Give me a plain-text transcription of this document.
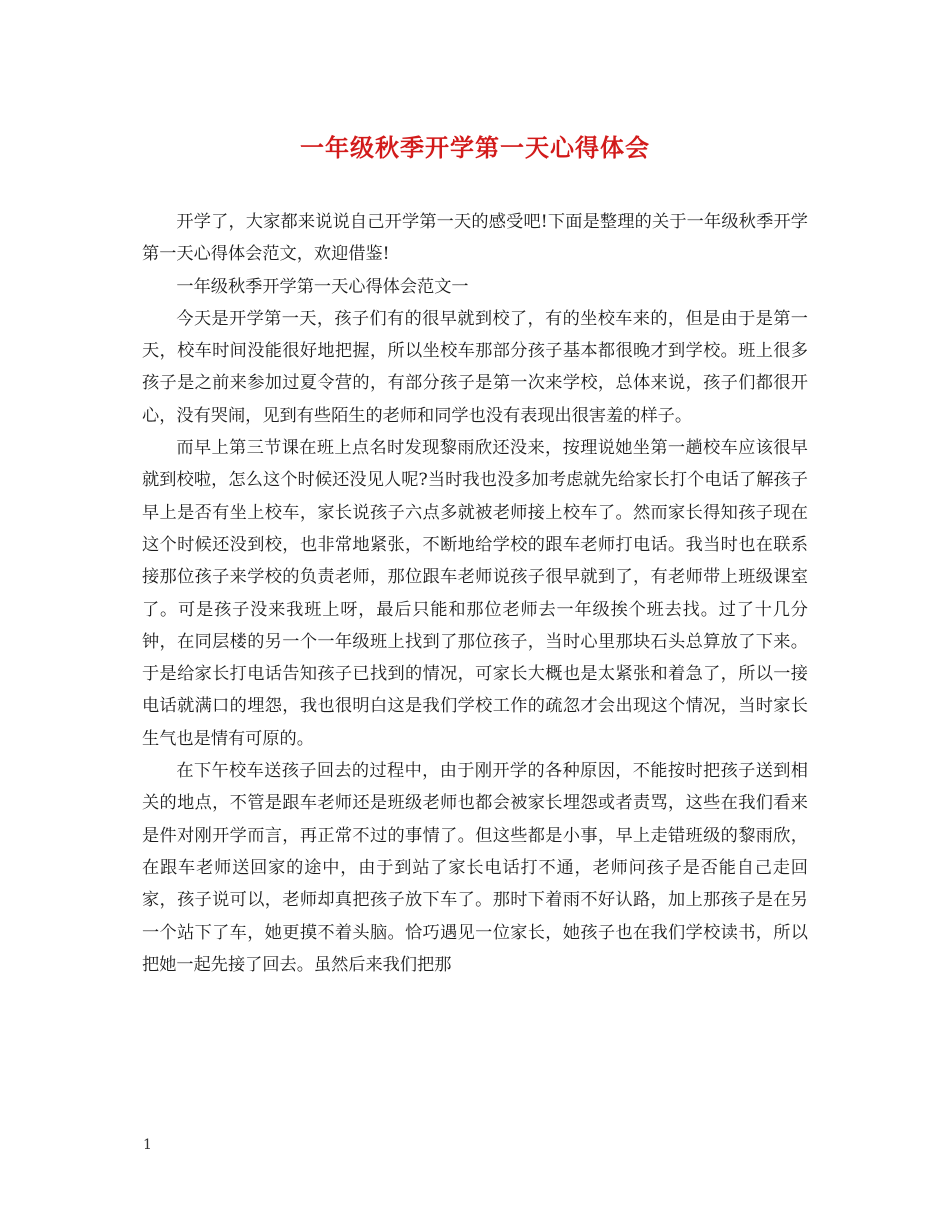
一年级秋季开学第一天心得体会

开学了，大家都来说说自己开学第一天的感受吧!下面是整理的关于一年级秋季开学第一天心得体会范文，欢迎借鉴!

一年级秋季开学第一天心得体会范文一

今天是开学第一天，孩子们有的很早就到校了，有的坐校车来的，但是由于是第一天，校车时间没能很好地把握，所以坐校车那部分孩子基本都很晚才到学校。班上很多孩子是之前来参加过夏令营的，有部分孩子是第一次来学校，总体来说，孩子们都很开心，没有哭闹，见到有些陌生的老师和同学也没有表现出很害羞的样子。

而早上第三节课在班上点名时发现黎雨欣还没来，按理说她坐第一趟校车应该很早就到校啦，怎么这个时候还没见人呢?当时我也没多加考虑就先给家长打个电话了解孩子早上是否有坐上校车，家长说孩子六点多就被老师接上校车了。然而家长得知孩子现在这个时候还没到校，也非常地紧张，不断地给学校的跟车老师打电话。我当时也在联系接那位孩子来学校的负责老师，那位跟车老师说孩子很早就到了，有老师带上班级课室了。可是孩子没来我班上呀，最后只能和那位老师去一年级挨个班去找。过了十几分钟，在同层楼的另一个一年级班上找到了那位孩子，当时心里那块石头总算放了下来。于是给家长打电话告知孩子已找到的情况，可家长大概也是太紧张和着急了，所以一接电话就满口的埋怨，我也很明白这是我们学校工作的疏忽才会出现这个情况，当时家长生气也是情有可原的。

在下午校车送孩子回去的过程中，由于刚开学的各种原因，不能按时把孩子送到相关的地点，不管是跟车老师还是班级老师也都会被家长埋怨或者责骂，这些在我们看来是件对刚开学而言，再正常不过的事情了。但这些都是小事，早上走错班级的黎雨欣，在跟车老师送回家的途中，由于到站了家长电话打不通，老师问孩子是否能自己走回家，孩子说可以，老师却真把孩子放下车了。那时下着雨不好认路，加上那孩子是在另一个站下了车，她更摸不着头脑。恰巧遇见一位家长，她孩子也在我们学校读书，所以把她一起先接了回去。虽然后来我们把那

1
